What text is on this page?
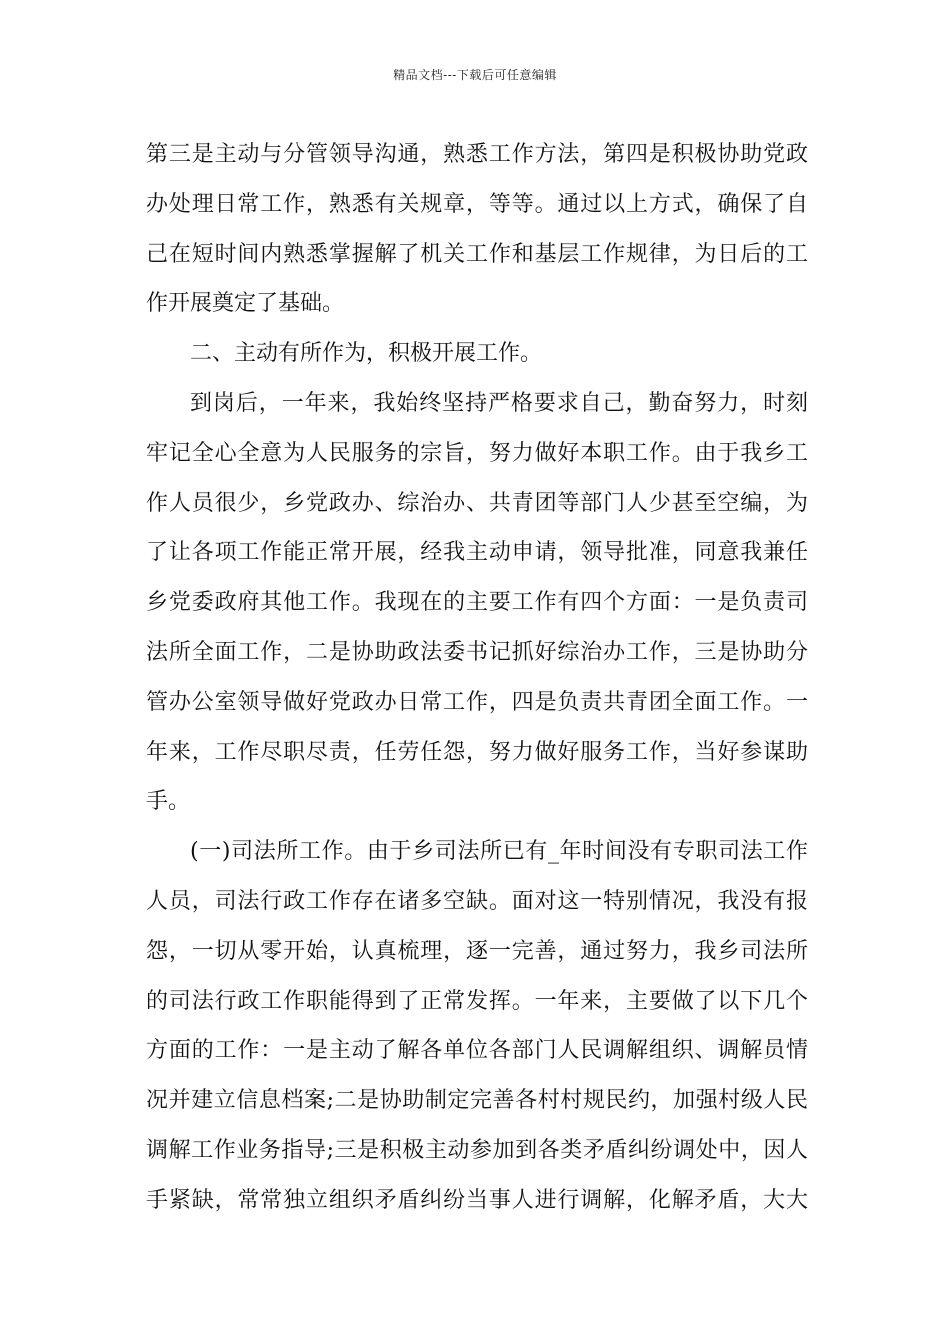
精品文档---下载后可任意编辑
第三是主动与分管领导沟通，熟悉工作方法，第四是积极协助党政
办处理日常工作，熟悉有关规章，等等。通过以上方式，确保了自
己在短时间内熟悉掌握解了机关工作和基层工作规律，为日后的工
作开展奠定了基础。
二、主动有所作为，积极开展工作。
到岗后，一年来，我始终坚持严格要求自己，勤奋努力，时刻
牢记全心全意为人民服务的宗旨，努力做好本职工作。由于我乡工
作人员很少，乡党政办、综治办、共青团等部门人少甚至空编，为
了让各项工作能正常开展，经我主动申请，领导批准，同意我兼任
乡党委政府其他工作。我现在的主要工作有四个方面：一是负责司
法所全面工作，二是协助政法委书记抓好综治办工作，三是协助分
管办公室领导做好党政办日常工作，四是负责共青团全面工作。一
年来，工作尽职尽责，任劳任怨，努力做好服务工作，当好参谋助
手。
(一)司法所工作。由于乡司法所已有_年时间没有专职司法工作
人员，司法行政工作存在诸多空缺。面对这一特别情况，我没有报
怨，一切从零开始，认真梳理，逐一完善，通过努力，我乡司法所
的司法行政工作职能得到了正常发挥。一年来，主要做了以下几个
方面的工作：一是主动了解各单位各部门人民调解组织、调解员情
况并建立信息档案;二是协助制定完善各村村规民约，加强村级人民
调解工作业务指导;三是积极主动参加到各类矛盾纠纷调处中，因人
手紧缺，常常独立组织矛盾纠纷当事人进行调解，化解矛盾，大大
